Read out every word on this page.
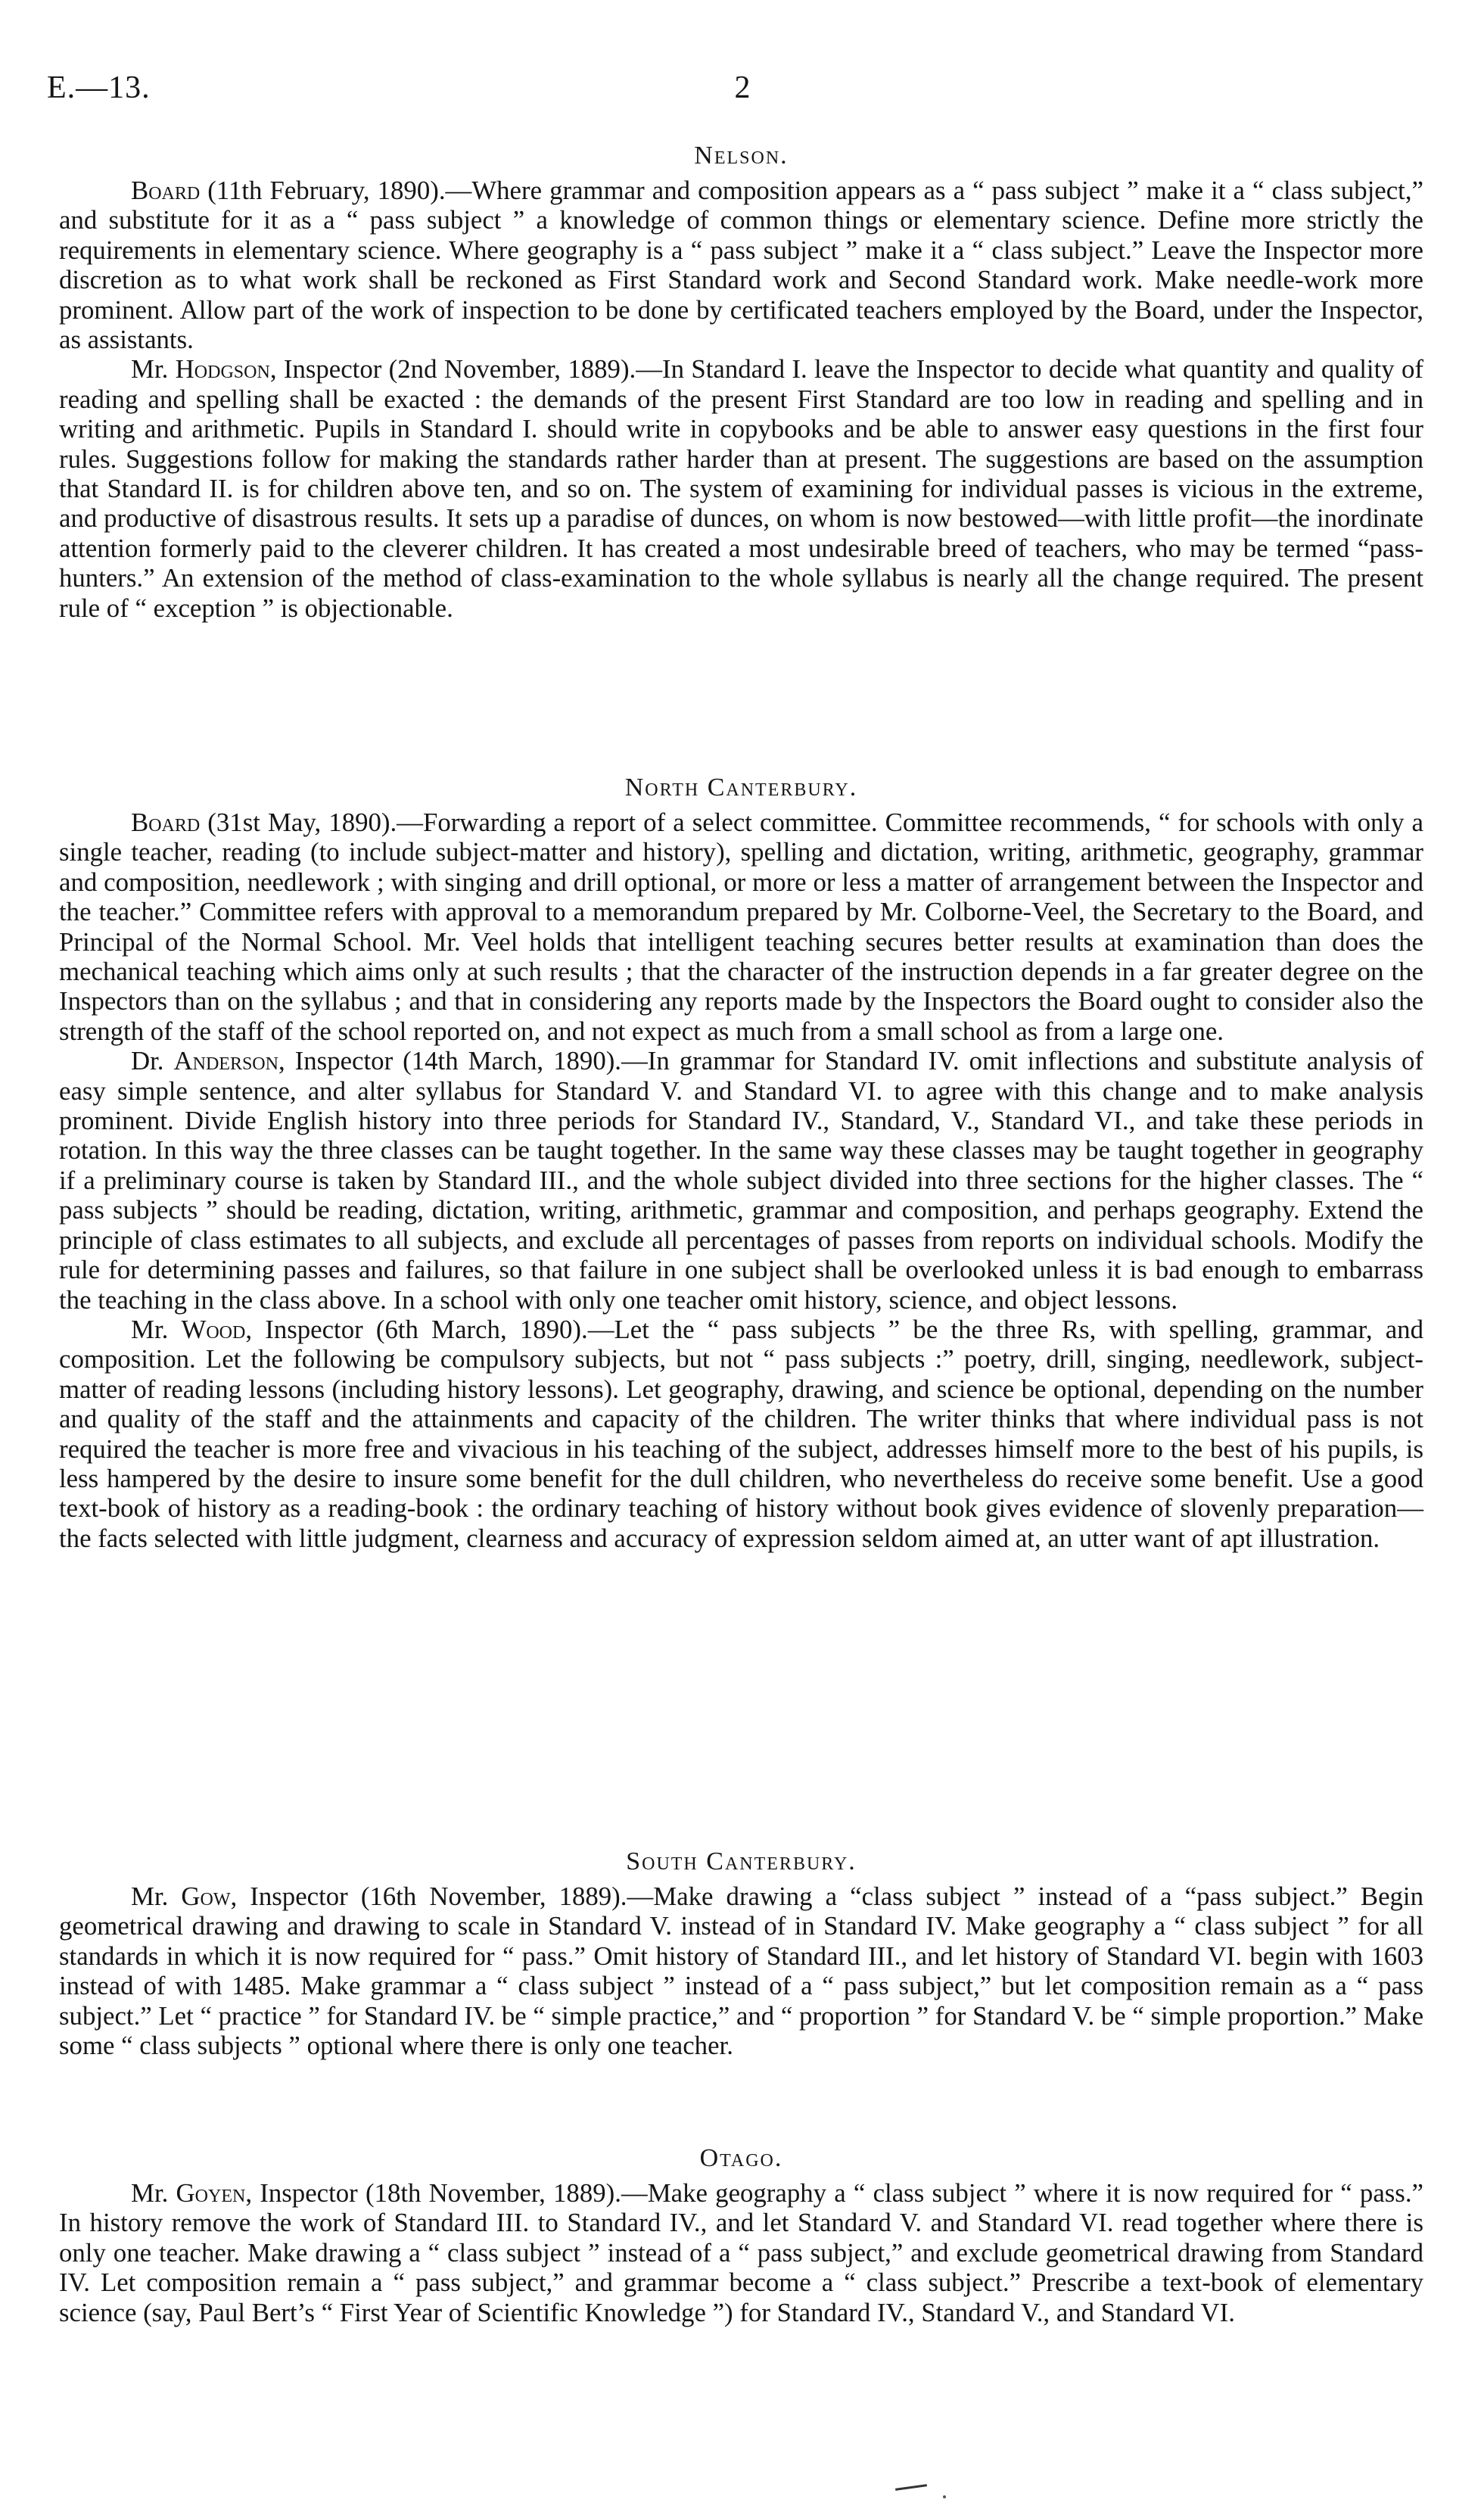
E.—13.	2
Nelson.

Board (11th February, 1890).—Where grammar and composition appears as a “ pass subject ” make it a “ class subject,” and substitute for it as a “ pass subject ” a knowledge of common things or elementary science. Define more strictly the requirements in elementary science. Where geography is a “ pass subject ” make it a “ class subject.” Leave the Inspector more discretion as to what work shall be reckoned as First Standard work and Second Standard work. Make needle-work more prominent. Allow part of the work of inspection to be done by certificated teachers employed by the Board, under the Inspector, as assistants.

Mr. Hodgson, Inspector (2nd November, 1889).—In Standard I. leave the Inspector to decide what quantity and quality of reading and spelling shall be exacted : the demands of the present First Standard are too low in reading and spelling and in writing and arithmetic. Pupils in Standard I. should write in copybooks and be able to answer easy questions in the first four rules. Suggestions follow for making the standards rather harder than at present. The suggestions are based on the assumption that Standard II. is for children above ten, and so on. The system of examining for individual passes is vicious in the extreme, and productive of disastrous results. It sets up a paradise of dunces, on whom is now bestowed—with little profit—the inordinate attention formerly paid to the cleverer children. It has created a most undesirable breed of teachers, who may be termed “pass-hunters.” An extension of the method of class-examination to the whole syllabus is nearly all the change required. The present rule of “ exception ” is objectionable.

North Canterbury.

Board (31st May, 1890).—Forwarding a report of a select committee. Committee recommends, “ for schools with only a single teacher, reading (to include subject-matter and history), spelling and dictation, writing, arithmetic, geography, grammar and composition, needlework ; with singing and drill optional, or more or less a matter of arrangement between the Inspector and the teacher.” Committee refers with approval to a memorandum prepared by Mr. Colborne-Veel, the Secretary to the Board, and Principal of the Normal School. Mr. Veel holds that intelligent teaching secures better results at examination than does the mechanical teaching which aims only at such results ; that the character of the instruction depends in a far greater degree on the Inspectors than on the syllabus ; and that in considering any reports made by the Inspectors the Board ought to consider also the strength of the staff of the school reported on, and not expect as much from a small school as from a large one.

Dr. Anderson, Inspector (14th March, 1890).—In grammar for Standard IV. omit inflections and substitute analysis of easy simple sentence, and alter syllabus for Standard V. and Standard VI. to agree with this change and to make analysis prominent. Divide English history into three periods for Standard IV., Standard, V., Standard VI., and take these periods in rotation. In this way the three classes can be taught together. In the same way these classes may be taught together in geography if a preliminary course is taken by Standard III., and the whole subject divided into three sections for the higher classes. The “ pass subjects ” should be reading, dictation, writing, arithmetic, grammar and composition, and perhaps geography. Extend the principle of class estimates to all subjects, and exclude all percentages of passes from reports on individual schools. Modify the rule for determining passes and failures, so that failure in one subject shall be overlooked unless it is bad enough to embarrass the teaching in the class above. In a school with only one teacher omit history, science, and object lessons.

Mr. Wood, Inspector (6th March, 1890).—Let the “ pass subjects ” be the three Rs, with spelling, grammar, and composition. Let the following be compulsory subjects, but not “ pass subjects :” poetry, drill, singing, needlework, subject-matter of reading lessons (including history lessons). Let geography, drawing, and science be optional, depending on the number and quality of the staff and the attainments and capacity of the children. The writer thinks that where individual pass is not required the teacher is more free and vivacious in his teaching of the subject, addresses himself more to the best of his pupils, is less hampered by the desire to insure some benefit for the dull children, who nevertheless do receive some benefit. Use a good text-book of history as a reading-book : the ordinary teaching of history without book gives evidence of slovenly preparation—the facts selected with little judgment, clearness and accuracy of expression seldom aimed at, an utter want of apt illustration.

South Canterbury.

Mr. Gow, Inspector (16th November, 1889).—Make drawing a “class subject ” instead of a “pass subject.” Begin geometrical drawing and drawing to scale in Standard V. instead of in Standard IV. Make geography a “ class subject ” for all standards in which it is now required for “ pass.” Omit history of Standard III., and let history of Standard VI. begin with 1603 instead of with 1485. Make grammar a “ class subject ” instead of a “ pass subject,” but let composition remain as a “ pass subject.” Let “ practice ” for Standard IV. be “ simple practice,” and “ proportion ” for Standard V. be “ simple proportion.” Make some “ class subjects ” optional where there is only one teacher.

Otago.

Mr. Goyen, Inspector (18th November, 1889).—Make geography a “ class subject ” where it is now required for “ pass.” In history remove the work of Standard III. to Standard IV., and let Standard V. and Standard VI. read together where there is only one teacher. Make drawing a “ class subject ” instead of a “ pass subject,” and exclude geometrical drawing from Standard IV. Let composition remain a “ pass subject,” and grammar become a “ class subject.” Prescribe a text-book of elementary science (say, Paul Bert’s “ First Year of Scientific Knowledge ”) for Standard IV., Standard V., and Standard VI.
